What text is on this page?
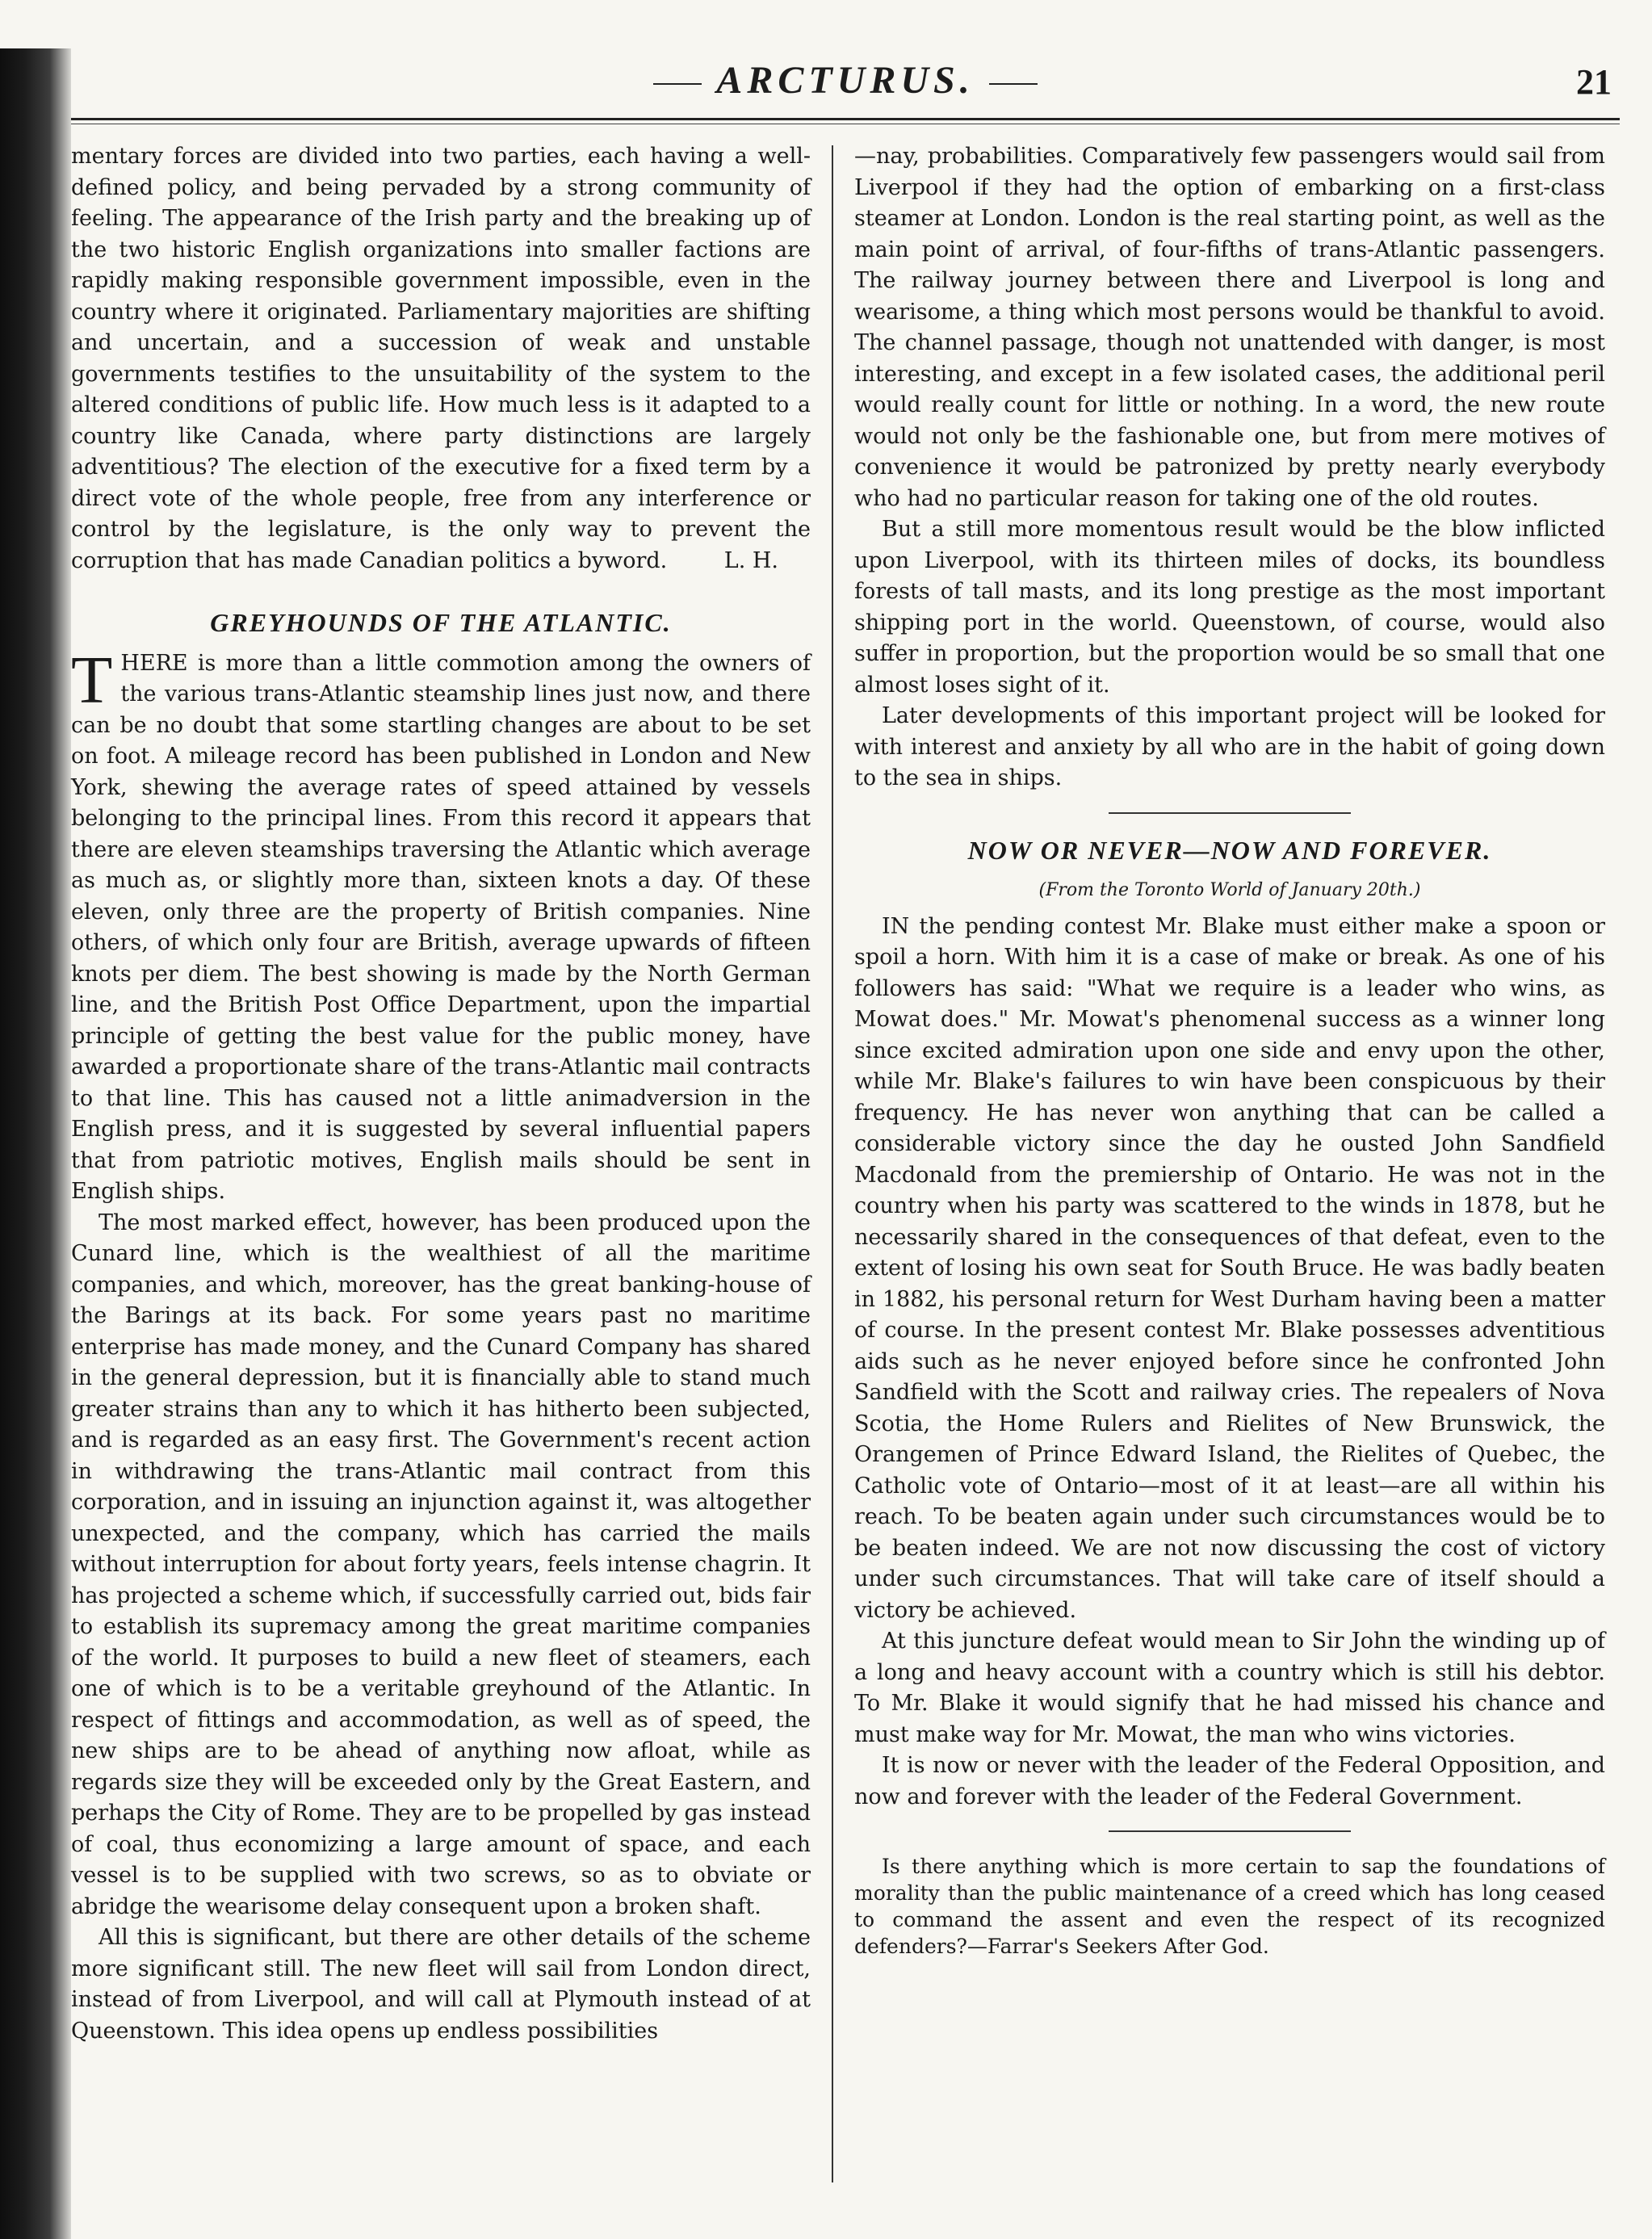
ARCTURUS.	21

mentary forces are divided into two parties, each having a well-defined policy, and being pervaded by a strong community of feeling. The appearance of the Irish party and the breaking up of the two historic English organizations into smaller factions are rapidly making responsible government impossible, even in the country where it originated. Parliamentary majorities are shifting and uncertain, and a succession of weak and unstable governments testifies to the unsuitability of the system to the altered conditions of public life. How much less is it adapted to a country like Canada, where party distinctions are largely adventitious? The election of the executive for a fixed term by a direct vote of the whole people, free from any interference or control by the legislature, is the only way to prevent the corruption that has made Canadian politics a byword.	L. H.

GREYHOUNDS OF THE ATLANTIC.

THERE is more than a little commotion among the owners of the various trans-Atlantic steamship lines just now, and there can be no doubt that some startling changes are about to be set on foot. A mileage record has been published in London and New York, shewing the average rates of speed attained by vessels belonging to the principal lines. From this record it appears that there are eleven steamships traversing the Atlantic which average as much as, or slightly more than, sixteen knots a day. Of these eleven, only three are the property of British companies. Nine others, of which only four are British, average upwards of fifteen knots per diem. The best showing is made by the North German line, and the British Post Office Department, upon the impartial principle of getting the best value for the public money, have awarded a proportionate share of the trans-Atlantic mail contracts to that line. This has caused not a little animadversion in the English press, and it is suggested by several influential papers that from patriotic motives, English mails should be sent in English ships.

The most marked effect, however, has been produced upon the Cunard line, which is the wealthiest of all the maritime companies, and which, moreover, has the great banking-house of the Barings at its back. For some years past no maritime enterprise has made money, and the Cunard Company has shared in the general depression, but it is financially able to stand much greater strains than any to which it has hitherto been subjected, and is regarded as an easy first. The Government's recent action in withdrawing the trans-Atlantic mail contract from this corporation, and in issuing an injunction against it, was altogether unexpected, and the company, which has carried the mails without interruption for about forty years, feels intense chagrin. It has projected a scheme which, if successfully carried out, bids fair to establish its supremacy among the great maritime companies of the world. It purposes to build a new fleet of steamers, each one of which is to be a veritable greyhound of the Atlantic. In respect of fittings and accommodation, as well as of speed, the new ships are to be ahead of anything now afloat, while as regards size they will be exceeded only by the Great Eastern, and perhaps the City of Rome. They are to be propelled by gas instead of coal, thus economizing a large amount of space, and each vessel is to be supplied with two screws, so as to obviate or abridge the wearisome delay consequent upon a broken shaft.

All this is significant, but there are other details of the scheme more significant still. The new fleet will sail from London direct, instead of from Liverpool, and will call at Plymouth instead of at Queenstown. This idea opens up endless possibilities

—nay, probabilities. Comparatively few passengers would sail from Liverpool if they had the option of embarking on a first-class steamer at London. London is the real starting point, as well as the main point of arrival, of four-fifths of trans-Atlantic passengers. The railway journey between there and Liverpool is long and wearisome, a thing which most persons would be thankful to avoid. The channel passage, though not unattended with danger, is most interesting, and except in a few isolated cases, the additional peril would really count for little or nothing. In a word, the new route would not only be the fashionable one, but from mere motives of convenience it would be patronized by pretty nearly everybody who had no particular reason for taking one of the old routes.

But a still more momentous result would be the blow inflicted upon Liverpool, with its thirteen miles of docks, its boundless forests of tall masts, and its long prestige as the most important shipping port in the world. Queenstown, of course, would also suffer in proportion, but the proportion would be so small that one almost loses sight of it.

Later developments of this important project will be looked for with interest and anxiety by all who are in the habit of going down to the sea in ships.

NOW OR NEVER—NOW AND FOREVER.
(From the Toronto World of January 20th.)

IN the pending contest Mr. Blake must either make a spoon or spoil a horn. With him it is a case of make or break. As one of his followers has said: "What we require is a leader who wins, as Mowat does." Mr. Mowat's phenomenal success as a winner long since excited admiration upon one side and envy upon the other, while Mr. Blake's failures to win have been conspicuous by their frequency. He has never won anything that can be called a considerable victory since the day he ousted John Sandfield Macdonald from the premiership of Ontario. He was not in the country when his party was scattered to the winds in 1878, but he necessarily shared in the consequences of that defeat, even to the extent of losing his own seat for South Bruce. He was badly beaten in 1882, his personal return for West Durham having been a matter of course. In the present contest Mr. Blake possesses adventitious aids such as he never enjoyed before since he confronted John Sandfield with the Scott and railway cries. The repealers of Nova Scotia, the Home Rulers and Rielites of New Brunswick, the Orangemen of Prince Edward Island, the Rielites of Quebec, the Catholic vote of Ontario—most of it at least—are all within his reach. To be beaten again under such circumstances would be to be beaten indeed. We are not now discussing the cost of victory under such circumstances. That will take care of itself should a victory be achieved.

At this juncture defeat would mean to Sir John the winding up of a long and heavy account with a country which is still his debtor. To Mr. Blake it would signify that he had missed his chance and must make way for Mr. Mowat, the man who wins victories.

It is now or never with the leader of the Federal Opposition, and now and forever with the leader of the Federal Government.

Is there anything which is more certain to sap the foundations of morality than the public maintenance of a creed which has long ceased to command the assent and even the respect of its recognized defenders?—Farrar's Seekers After God.
